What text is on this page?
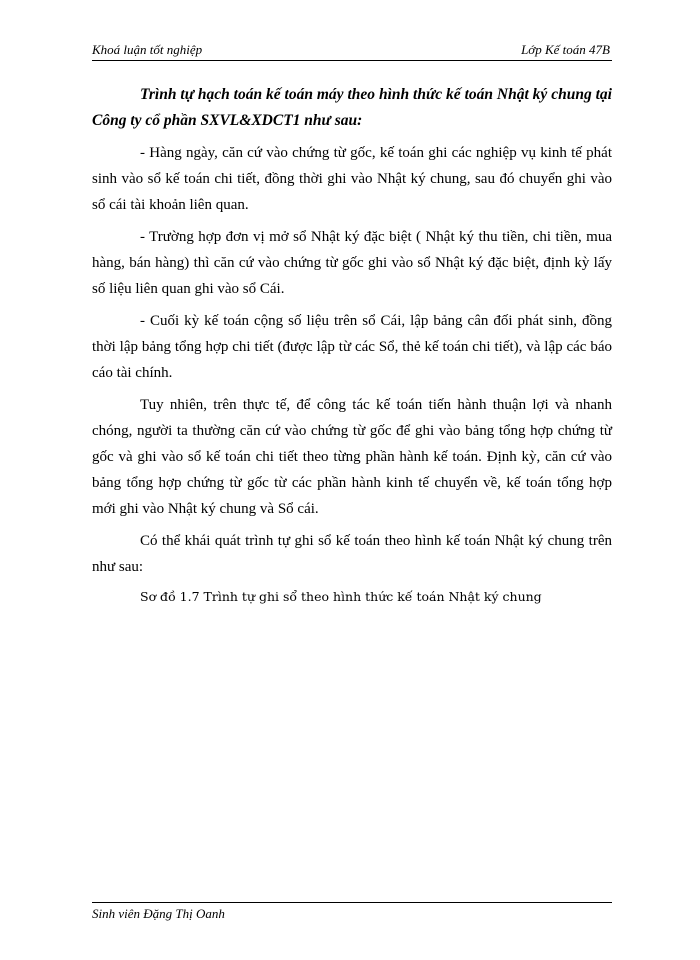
Khoá luận tốt nghiệp	Lớp Kế toán 47B

Trình tự hạch toán kế toán máy theo hình thức kế toán Nhật ký chung tại Công ty cổ phần SXVL&XDCT1 như sau:

- Hàng ngày, căn cứ vào chứng từ gốc, kế toán ghi các nghiệp vụ kinh tế phát sinh vào sổ kế toán chi tiết, đồng thời ghi vào Nhật ký chung, sau đó chuyển ghi vào sổ cái tài khoản liên quan.

- Trường hợp đơn vị mở sổ Nhật ký đặc biệt ( Nhật ký thu tiền, chi tiền, mua hàng, bán hàng) thì căn cứ vào chứng từ gốc ghi vào sổ Nhật ký đặc biệt, định kỳ lấy số liệu liên quan ghi vào sổ Cái.

- Cuối kỳ kế toán cộng số liệu trên sổ Cái, lập bảng cân đối phát sinh, đồng thời lập bảng tổng hợp chi tiết (được lập từ các Sổ, thẻ kế toán chi tiết), và lập các báo cáo tài chính.

Tuy nhiên, trên thực tế, để công tác kế toán tiến hành thuận lợi và nhanh chóng, người ta thường căn cứ vào chứng từ gốc để ghi vào bảng tổng hợp chứng từ gốc và ghi vào sổ kế toán chi tiết theo từng phần hành kế toán. Định kỳ, căn cứ vào bảng tổng hợp chứng từ gốc từ các phần hành kinh tế chuyển về, kế toán tổng hợp mới ghi vào Nhật ký chung và Sổ cái.

Có thể khái quát trình tự ghi sổ kế toán theo hình kế toán Nhật ký chung trên như sau:

Sơ đồ 1.7 Trình tự ghi sổ theo hình thức kế toán Nhật ký chung

Sinh viên Đặng Thị Oanh
